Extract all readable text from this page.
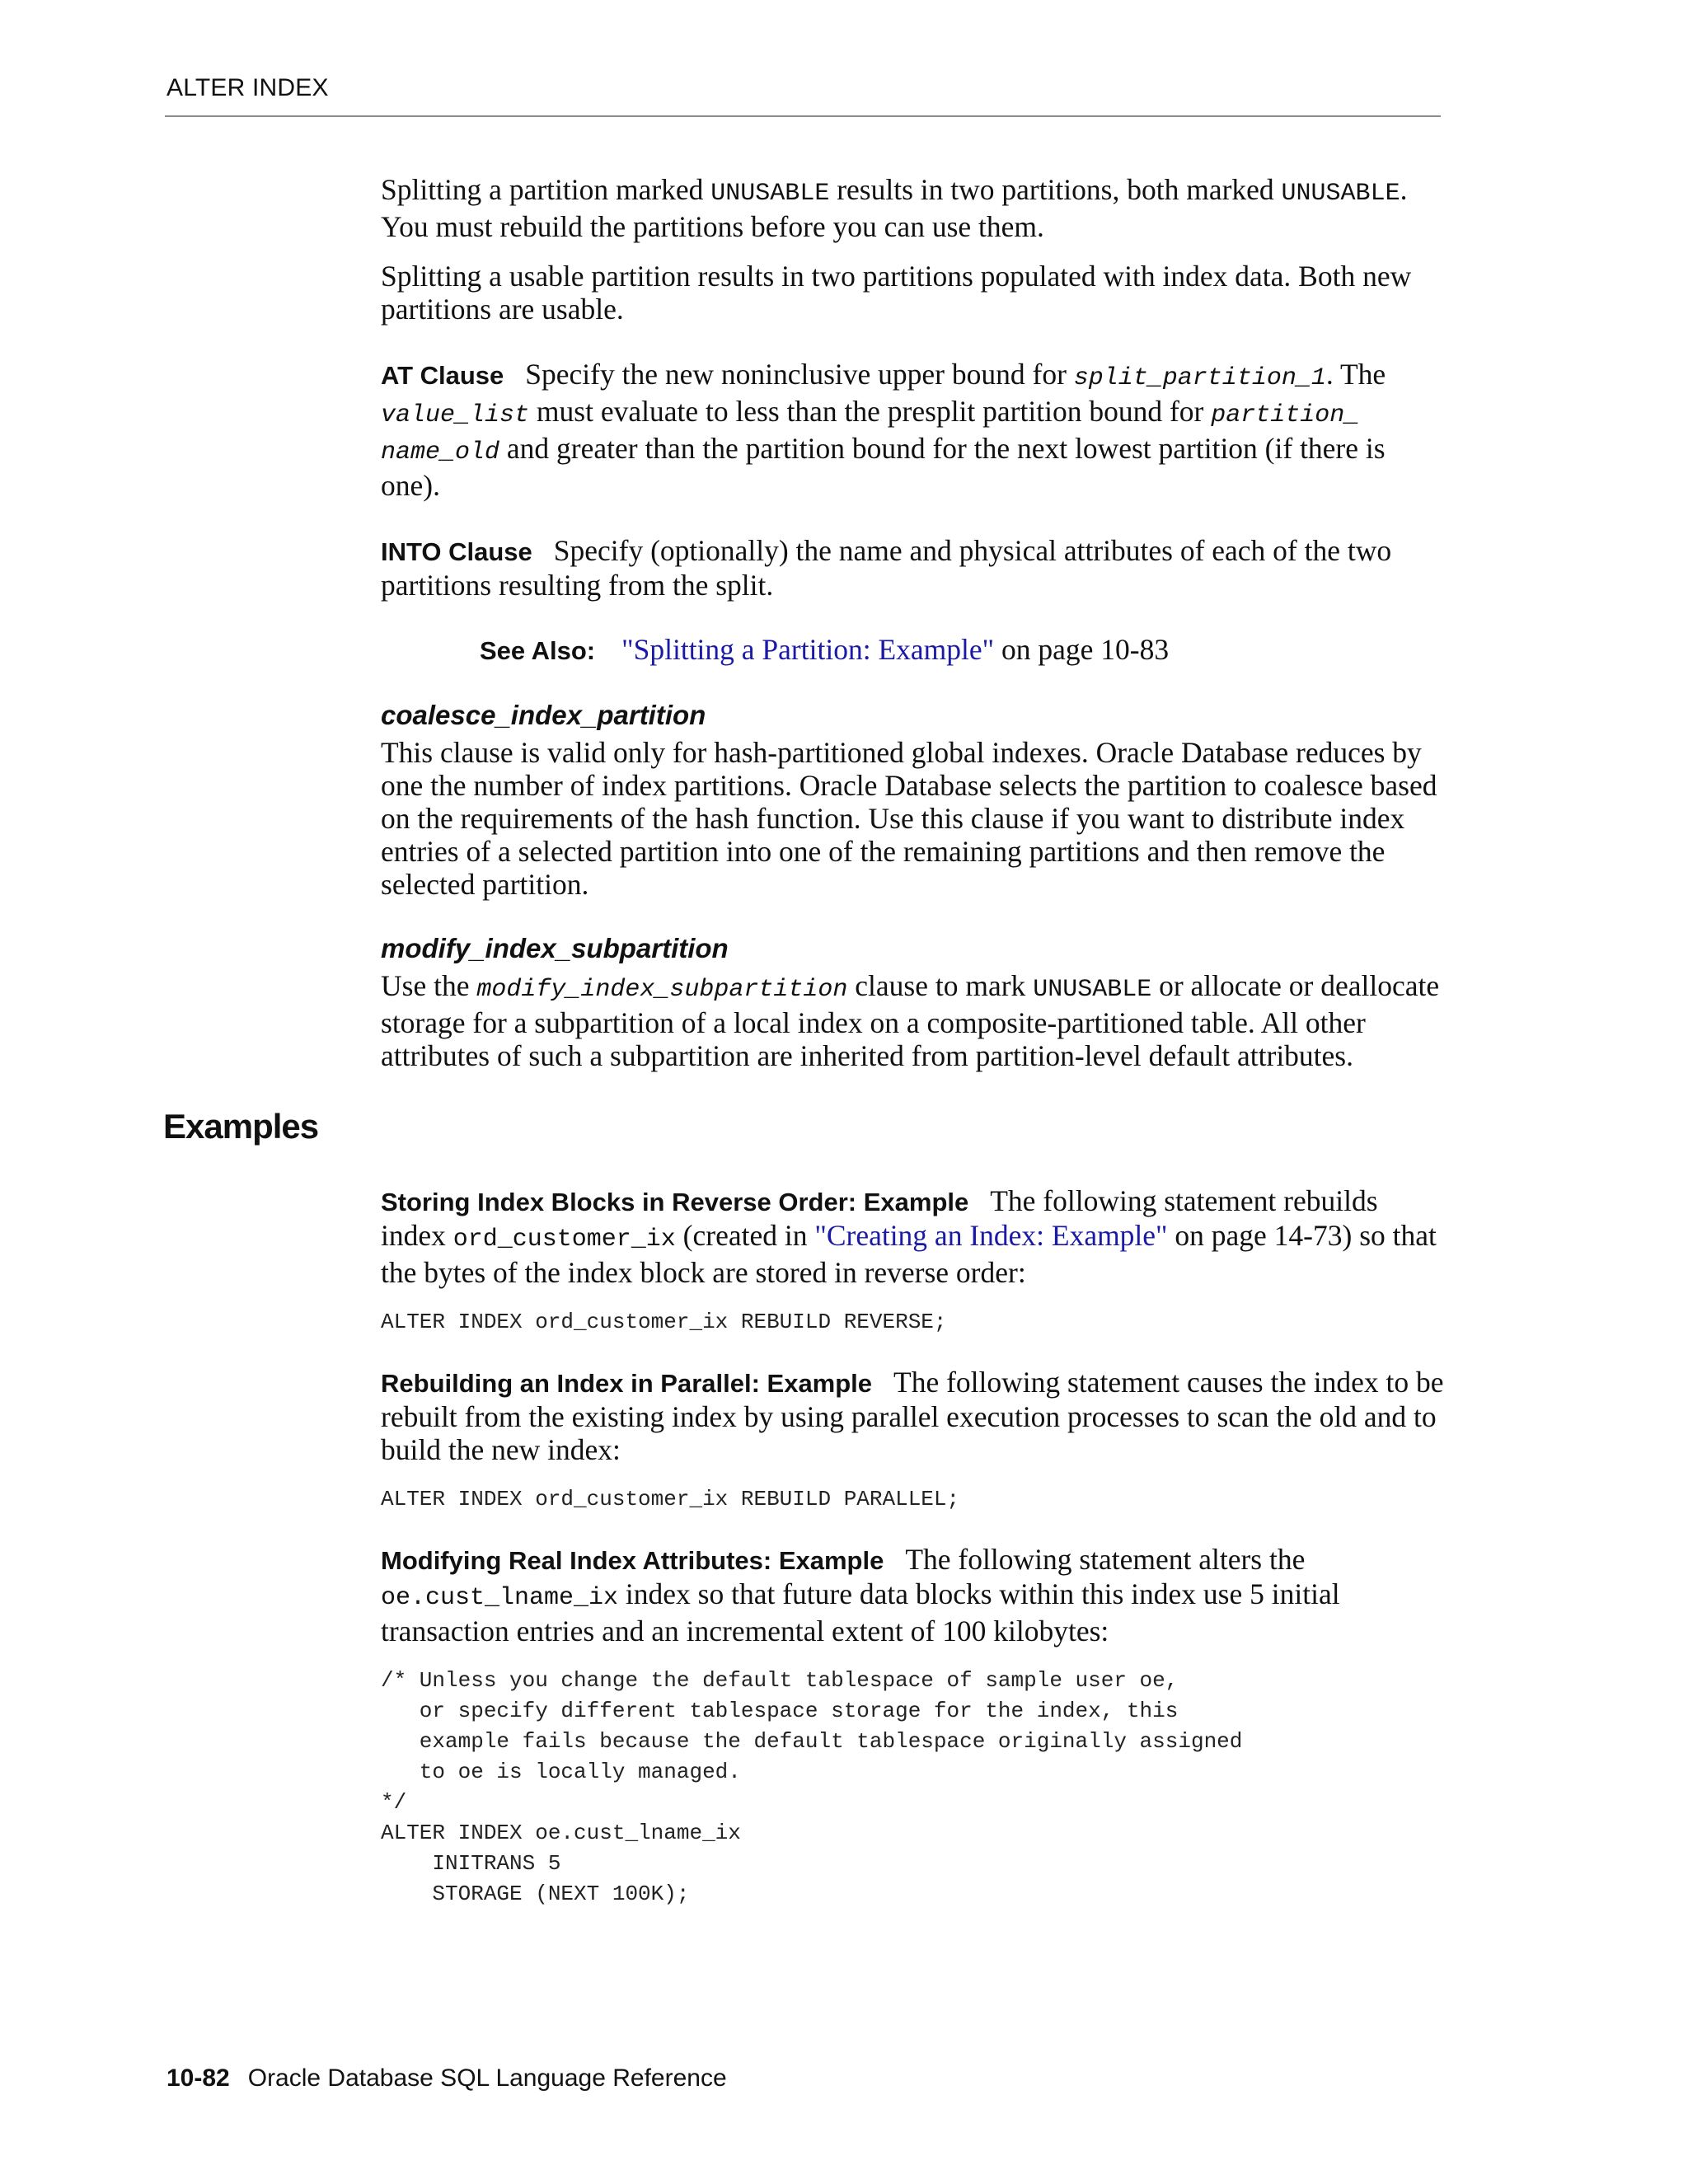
ALTER INDEX

Splitting a partition marked UNUSABLE results in two partitions, both marked UNUSABLE. You must rebuild the partitions before you can use them.

Splitting a usable partition results in two partitions populated with index data. Both new partitions are usable.

AT Clause Specify the new noninclusive upper bound for split_partition_1. The value_list must evaluate to less than the presplit partition bound for partition_ name_old and greater than the partition bound for the next lowest partition (if there is one).

INTO Clause Specify (optionally) the name and physical attributes of each of the two partitions resulting from the split.

See Also: "Splitting a Partition: Example" on page 10-83

coalesce_index_partition

This clause is valid only for hash-partitioned global indexes. Oracle Database reduces by one the number of index partitions. Oracle Database selects the partition to coalesce based on the requirements of the hash function. Use this clause if you want to distribute index entries of a selected partition into one of the remaining partitions and then remove the selected partition.

modify_index_subpartition

Use the modify_index_subpartition clause to mark UNUSABLE or allocate or deallocate storage for a subpartition of a local index on a composite-partitioned table. All other attributes of such a subpartition are inherited from partition-level default attributes.

Examples

Storing Index Blocks in Reverse Order: Example The following statement rebuilds index ord_customer_ix (created in "Creating an Index: Example" on page 14-73) so that the bytes of the index block are stored in reverse order:

ALTER INDEX ord_customer_ix REBUILD REVERSE;

Rebuilding an Index in Parallel: Example The following statement causes the index to be rebuilt from the existing index by using parallel execution processes to scan the old and to build the new index:

ALTER INDEX ord_customer_ix REBUILD PARALLEL;

Modifying Real Index Attributes: Example The following statement alters the oe.cust_lname_ix index so that future data blocks within this index use 5 initial transaction entries and an incremental extent of 100 kilobytes:

/* Unless you change the default tablespace of sample user oe,
or specify different tablespace storage for the index, this
example fails because the default tablespace originally assigned
to oe is locally managed.
*/
ALTER INDEX oe.cust_lname_ix
INITRANS 5
STORAGE (NEXT 100K);
10-82 Oracle Database SQL Language Reference
